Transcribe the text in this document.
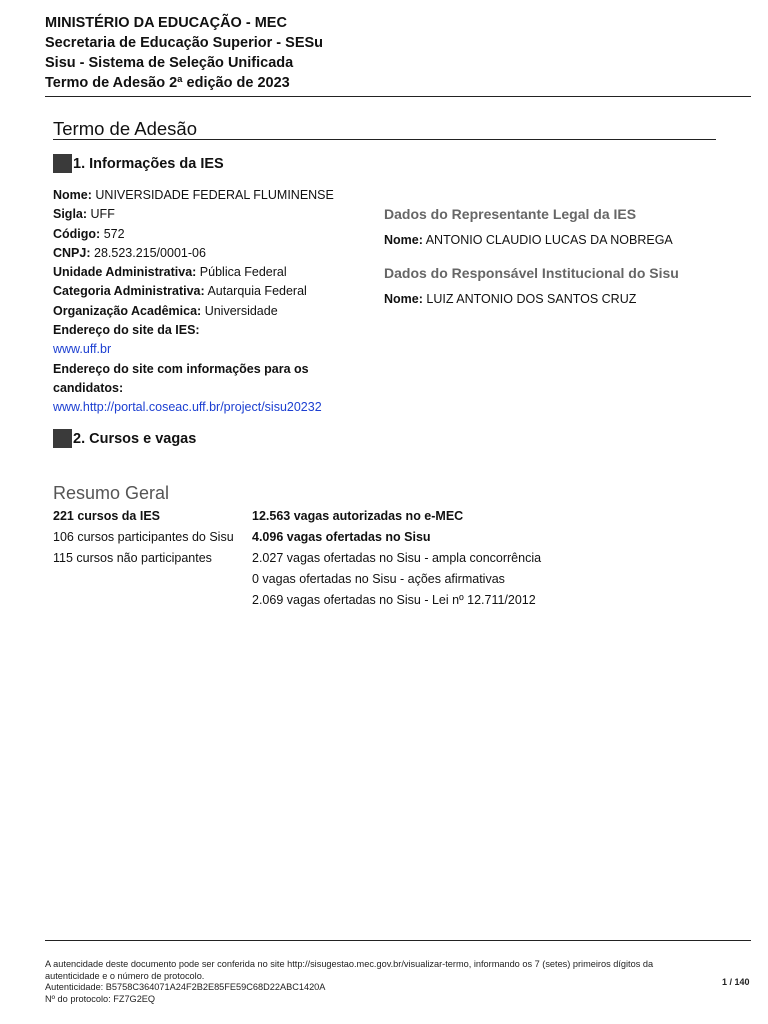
MINISTÉRIO DA EDUCAÇÃO - MEC
Secretaria de Educação Superior - SESu
Sisu - Sistema de Seleção Unificada
Termo de Adesão 2ª edição de 2023
Termo de Adesão
1. Informações da IES
Nome: UNIVERSIDADE FEDERAL FLUMINENSE
Sigla: UFF
Código: 572
CNPJ: 28.523.215/0001-06
Unidade Administrativa: Pública Federal
Categoria Administrativa: Autarquia Federal
Organização Acadêmica: Universidade
Endereço do site da IES:
www.uff.br
Endereço do site com informações para os candidatos:
www.http://portal.coseac.uff.br/project/sisu20232
Dados do Representante Legal da IES
Nome: ANTONIO CLAUDIO LUCAS DA NOBREGA
Dados do Responsável Institucional do Sisu
Nome: LUIZ ANTONIO DOS SANTOS CRUZ
2. Cursos e vagas
Resumo Geral
221 cursos da IES
106 cursos participantes do Sisu
115 cursos não participantes
12.563 vagas autorizadas no e-MEC
4.096 vagas ofertadas no Sisu
2.027 vagas ofertadas no Sisu - ampla concorrência
0 vagas ofertadas no Sisu - ações afirmativas
2.069 vagas ofertadas no Sisu - Lei nº 12.711/2012
A autencidade deste documento pode ser conferida no site http://sisugestao.mec.gov.br/visualizar-termo, informando os 7 (setes) primeiros dígitos da autenticidade e o número de protocolo.
Autenticidade: B5758C364071A24F2B2E85FE59C68D22ABC1420A
Nº do protocolo: FZ7G2EQ
1 / 140
